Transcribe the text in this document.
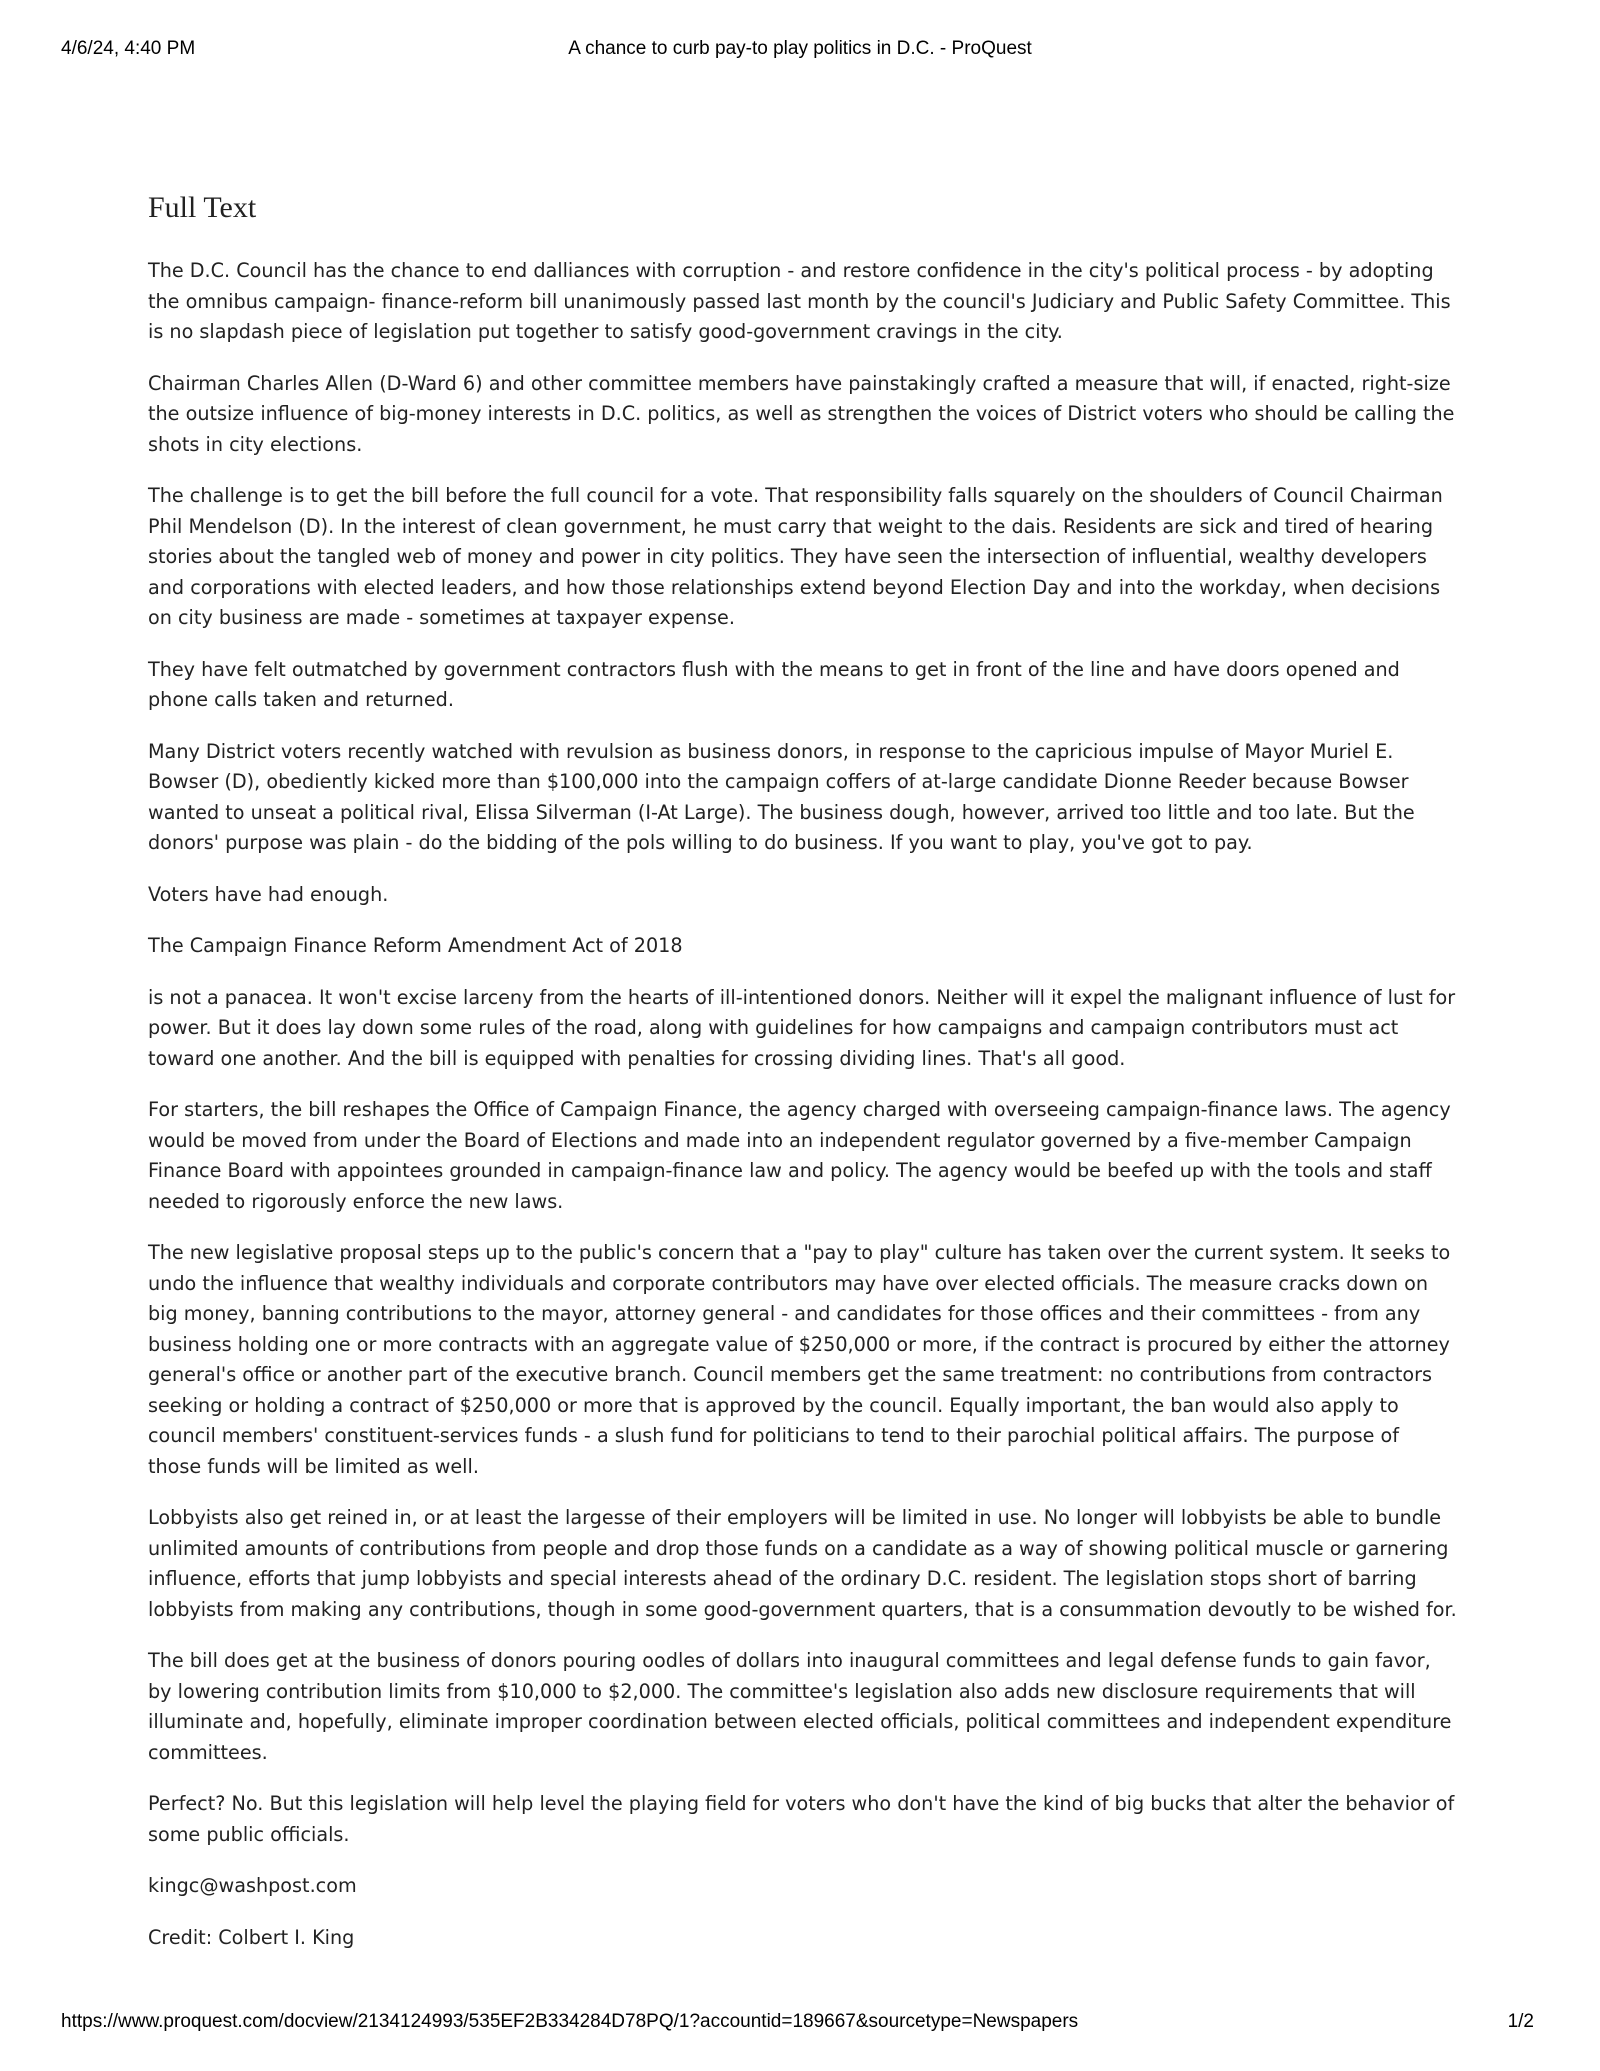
4/6/24, 4:40 PM	A chance to curb pay-to play politics in D.C. - ProQuest
Full Text

The D.C. Council has the chance to end dalliances with corruption - and restore confidence in the city's political process - by adopting the omnibus campaign- finance-reform bill unanimously passed last month by the council's Judiciary and Public Safety Committee. This is no slapdash piece of legislation put together to satisfy good-government cravings in the city.

Chairman Charles Allen (D-Ward 6) and other committee members have painstakingly crafted a measure that will, if enacted, right-size the outsize influence of big-money interests in D.C. politics, as well as strengthen the voices of District voters who should be calling the shots in city elections.

The challenge is to get the bill before the full council for a vote. That responsibility falls squarely on the shoulders of Council Chairman Phil Mendelson (D). In the interest of clean government, he must carry that weight to the dais. Residents are sick and tired of hearing stories about the tangled web of money and power in city politics. They have seen the intersection of influential, wealthy developers and corporations with elected leaders, and how those relationships extend beyond Election Day and into the workday, when decisions on city business are made - sometimes at taxpayer expense.

They have felt outmatched by government contractors flush with the means to get in front of the line and have doors opened and phone calls taken and returned.

Many District voters recently watched with revulsion as business donors, in response to the capricious impulse of Mayor Muriel E. Bowser (D), obediently kicked more than $100,000 into the campaign coffers of at-large candidate Dionne Reeder because Bowser wanted to unseat a political rival, Elissa Silverman (I-At Large). The business dough, however, arrived too little and too late. But the donors' purpose was plain - do the bidding of the pols willing to do business. If you want to play, you've got to pay.

Voters have had enough.

The Campaign Finance Reform Amendment Act of 2018

is not a panacea. It won't excise larceny from the hearts of ill-intentioned donors. Neither will it expel the malignant influence of lust for power. But it does lay down some rules of the road, along with guidelines for how campaigns and campaign contributors must act toward one another. And the bill is equipped with penalties for crossing dividing lines. That's all good.

For starters, the bill reshapes the Office of Campaign Finance, the agency charged with overseeing campaign-finance laws. The agency would be moved from under the Board of Elections and made into an independent regulator governed by a five-member Campaign Finance Board with appointees grounded in campaign-finance law and policy. The agency would be beefed up with the tools and staff needed to rigorously enforce the new laws.

The new legislative proposal steps up to the public's concern that a "pay to play" culture has taken over the current system. It seeks to undo the influence that wealthy individuals and corporate contributors may have over elected officials. The measure cracks down on big money, banning contributions to the mayor, attorney general - and candidates for those offices and their committees - from any business holding one or more contracts with an aggregate value of $250,000 or more, if the contract is procured by either the attorney general's office or another part of the executive branch. Council members get the same treatment: no contributions from contractors seeking or holding a contract of $250,000 or more that is approved by the council. Equally important, the ban would also apply to council members' constituent-services funds - a slush fund for politicians to tend to their parochial political affairs. The purpose of those funds will be limited as well.

Lobbyists also get reined in, or at least the largesse of their employers will be limited in use. No longer will lobbyists be able to bundle unlimited amounts of contributions from people and drop those funds on a candidate as a way of showing political muscle or garnering influence, efforts that jump lobbyists and special interests ahead of the ordinary D.C. resident. The legislation stops short of barring lobbyists from making any contributions, though in some good-government quarters, that is a consummation devoutly to be wished for.

The bill does get at the business of donors pouring oodles of dollars into inaugural committees and legal defense funds to gain favor, by lowering contribution limits from $10,000 to $2,000. The committee's legislation also adds new disclosure requirements that will illuminate and, hopefully, eliminate improper coordination between elected officials, political committees and independent expenditure committees.

Perfect? No. But this legislation will help level the playing field for voters who don't have the kind of big bucks that alter the behavior of some public officials.

kingc@washpost.com

Credit: Colbert I. King

https://www.proquest.com/docview/2134124993/535EF2B334284D78PQ/1?accountid=189667&sourcetype=Newspapers	1/2
